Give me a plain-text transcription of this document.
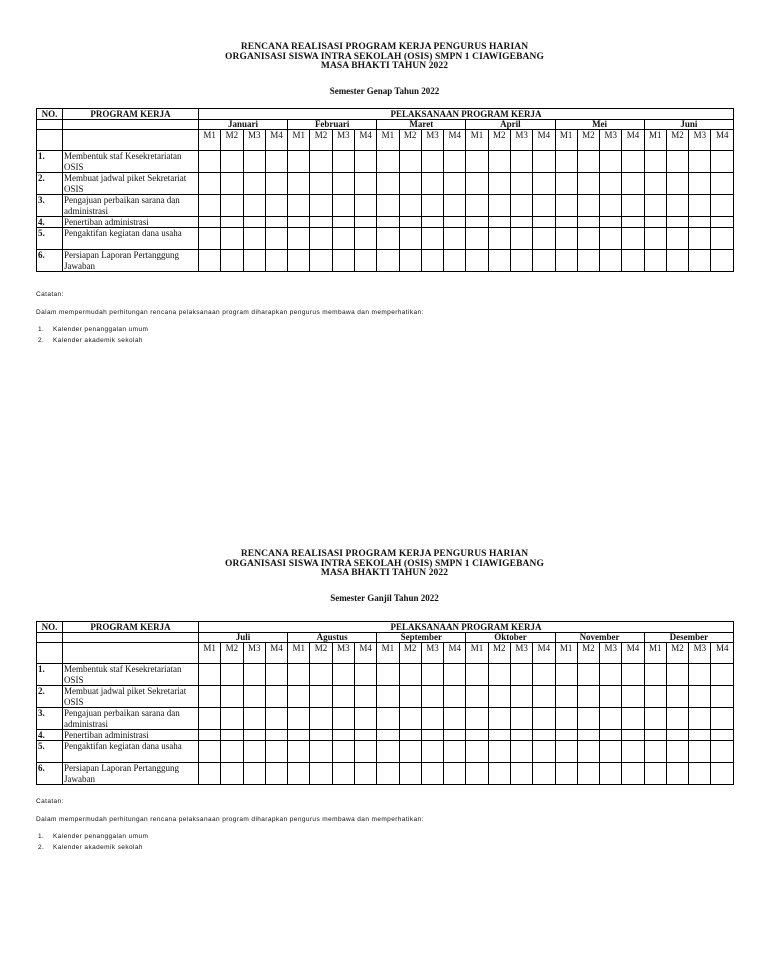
RENCANA REALISASI PROGRAM KERJA PENGURUS HARIAN
ORGANISASI SISWA INTRA SEKOLAH (OSIS) SMPN 1 CIAWIGEBANG
MASA BHAKTI TAHUN 2022
Semester Genap Tahun 2022
NO.	PROGRAM KERJA	PELAKSANAAN PROGRAM KERJA																							
		Januari				Februari				Maret				April				Mei				Juni			
		M1	M2	M3	M4	M1	M2	M3	M4	M1	M2	M3	M4	M1	M2	M3	M4	M1	M2	M3	M4	M1	M2	M3	M4
1.	Membentuk staf Kesekretariatan OSIS																								
2.	Membuat jadwal piket Sekretariat OSIS																								
3.	Pengajuan perbaikan sarana dan administrasi																								
4.	Penertiban administrasi																								
5.	Pengaktifan kegiatan dana usaha																								
6.	Persiapan Laporan Pertanggung Jawaban																								
Catatan:
Dalam mempermudah perhitungan rencana pelaksanaan program diharapkan pengurus membawa dan memperhatikan:
1. Kalender penanggalan umum
2. Kalender akademik sekolah
RENCANA REALISASI PROGRAM KERJA PENGURUS HARIAN
ORGANISASI SISWA INTRA SEKOLAH (OSIS) SMPN 1 CIAWIGEBANG
MASA BHAKTI TAHUN 2022
Semester Ganjil Tahun 2022
NO.	PROGRAM KERJA	PELAKSANAAN PROGRAM KERJA																							
		Juli				Agustus				September				Oktober				November				Desember			
		M1	M2	M3	M4	M1	M2	M3	M4	M1	M2	M3	M4	M1	M2	M3	M4	M1	M2	M3	M4	M1	M2	M3	M4
1.	Membentuk staf Kesekretariatan OSIS																								
2.	Membuat jadwal piket Sekretariat OSIS																								
3.	Pengajuan perbaikan sarana dan administrasi																								
4.	Penertiban administrasi																								
5.	Pengaktifan kegiatan dana usaha																								
6.	Persiapan Laporan Pertanggung Jawaban																								
Catatan:
Dalam mempermudah perhitungan rencana pelaksanaan program diharapkan pengurus membawa dan memperhatikan:
1. Kalender penanggalan umum
2. Kalender akademik sekolah
